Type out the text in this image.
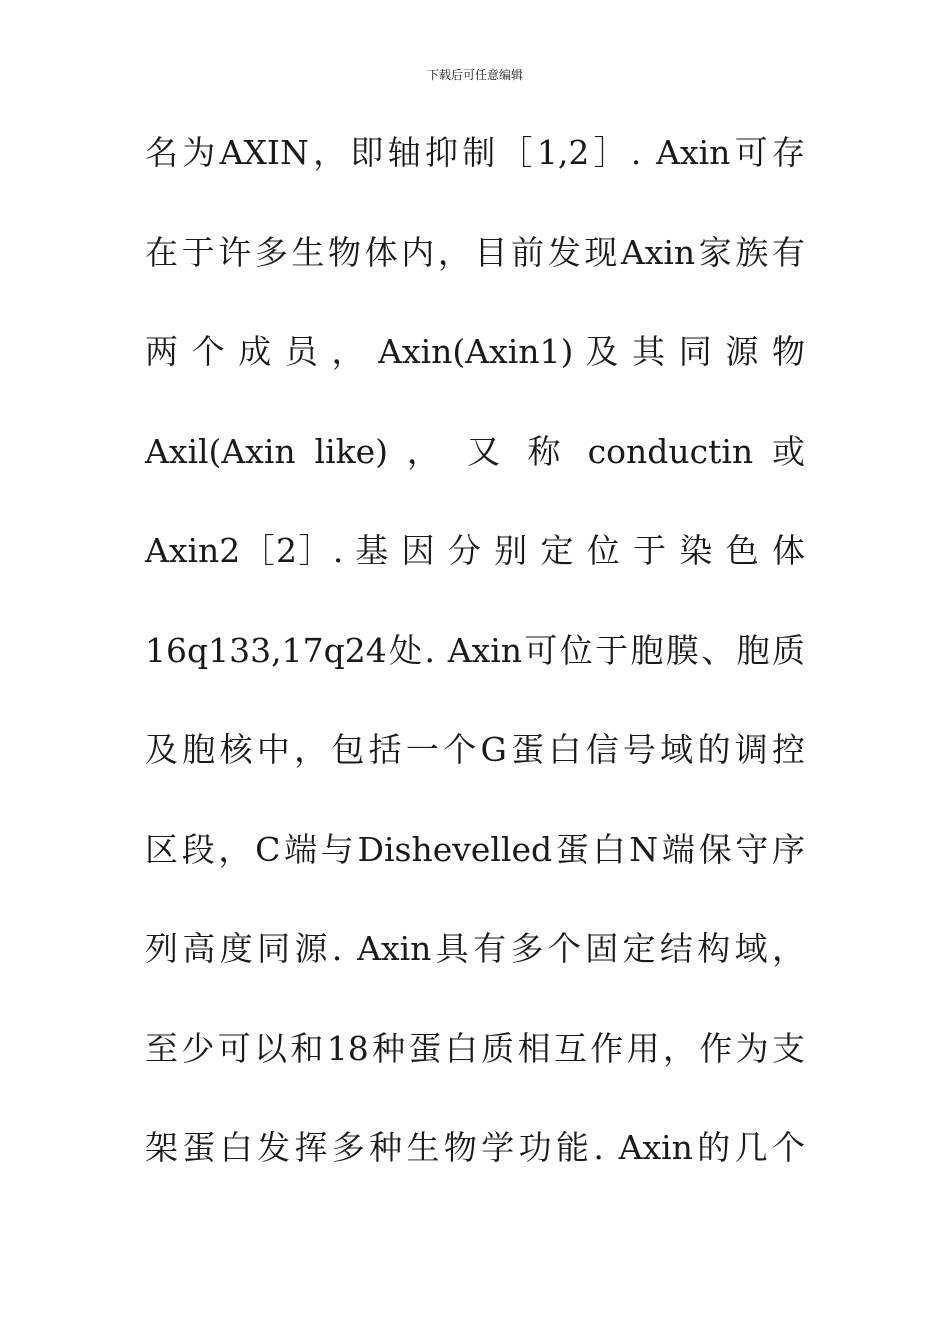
下载后可任意编辑
名为AXIN，即轴抑制［1,2］. Axin可存
在于许多生物体内，目前发现Axin家族有
两 个 成 员 ， Axin(Axin1) 及 其 同 源 物
Axil(Axin like) ， 又 称 conductin 或
Axin2［2］. 基 因 分 别 定 位 于 染 色 体
16q133,17q24处. Axin可位于胞膜、胞质
及胞核中，包括一个G蛋白信号域的调控
区段，C端与Dishevelled蛋白N端保守序
列高度同源. Axin具有多个固定结构域，
至少可以和18种蛋白质相互作用，作为支
架蛋白发挥多种生物学功能. Axin的几个
